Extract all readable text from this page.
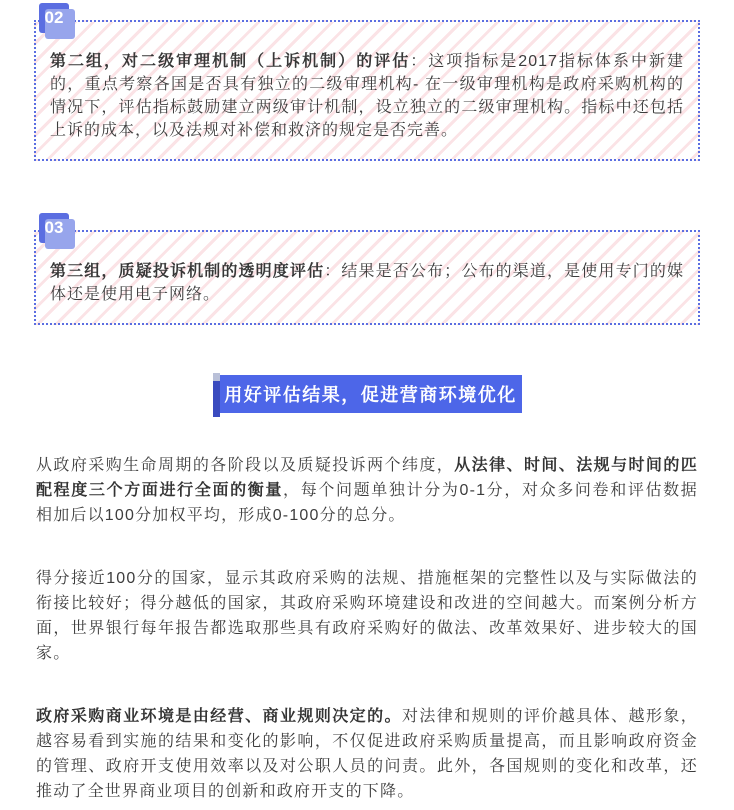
02
第二组，对二级审理机制（上诉机制）的评估：这项指标是2017指标体系中新建的，重点考察各国是否具有独立的二级审理机构- 在一级审理机构是政府采购机构的情况下，评估指标鼓励建立两级审计机制，设立独立的二级审理机构。指标中还包括上诉的成本，以及法规对补偿和救济的规定是否完善。
03
第三组，质疑投诉机制的透明度评估：结果是否公布；公布的渠道，是使用专门的媒体还是使用电子网络。
用好评估结果，促进营商环境优化

从政府采购生命周期的各阶段以及质疑投诉两个纬度，从法律、时间、法规与时间的匹配程度三个方面进行全面的衡量，每个问题单独计分为0-1分，对众多问卷和评估数据相加后以100分加权平均，形成0-100分的总分。

得分接近100分的国家，显示其政府采购的法规、措施框架的完整性以及与实际做法的衔接比较好；得分越低的国家，其政府采购环境建设和改进的空间越大。而案例分析方面，世界银行每年报告都选取那些具有政府采购好的做法、改革效果好、进步较大的国家。

政府采购商业环境是由经营、商业规则决定的。对法律和规则的评价越具体、越形象，越容易看到实施的结果和变化的影响，不仅促进政府采购质量提高，而且影响政府资金的管理、政府开支使用效率以及对公职人员的问责。此外，各国规则的变化和改革，还推动了全世界商业项目的创新和政府开支的下降。
